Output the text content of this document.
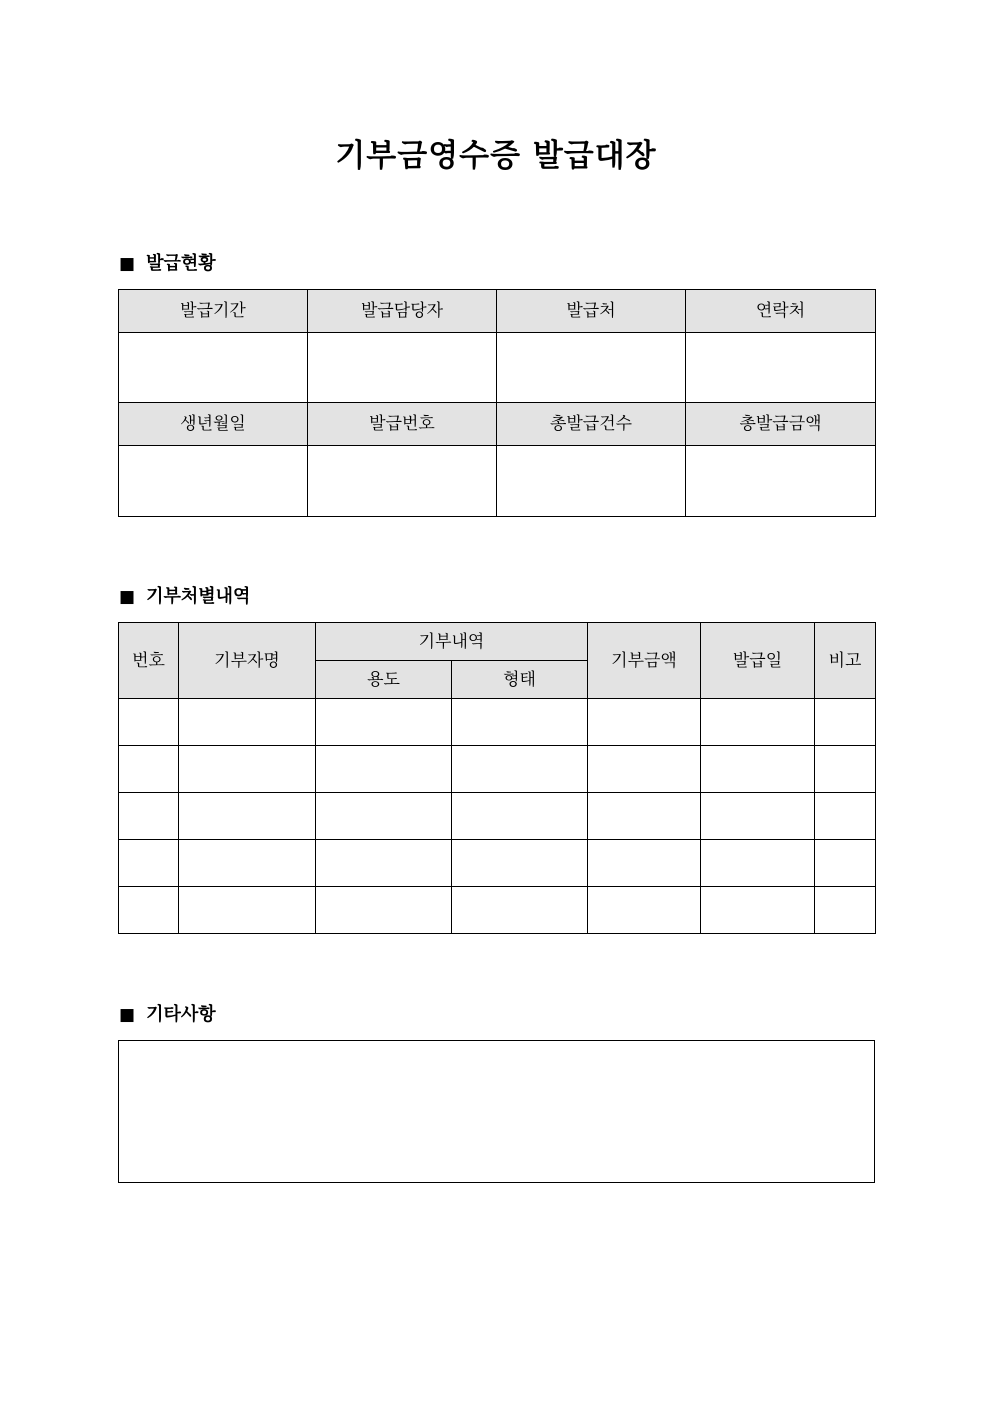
기부금영수증 발급대장
■ 발급현황
발급기간	발급담당자	발급처	연락처

생년월일	발급번호	총발급건수	총발급금액

■ 기부처별내역
번호	기부자명	기부내역		기부금액	발급일	비고
		용도	형태			

■ 기타사항
